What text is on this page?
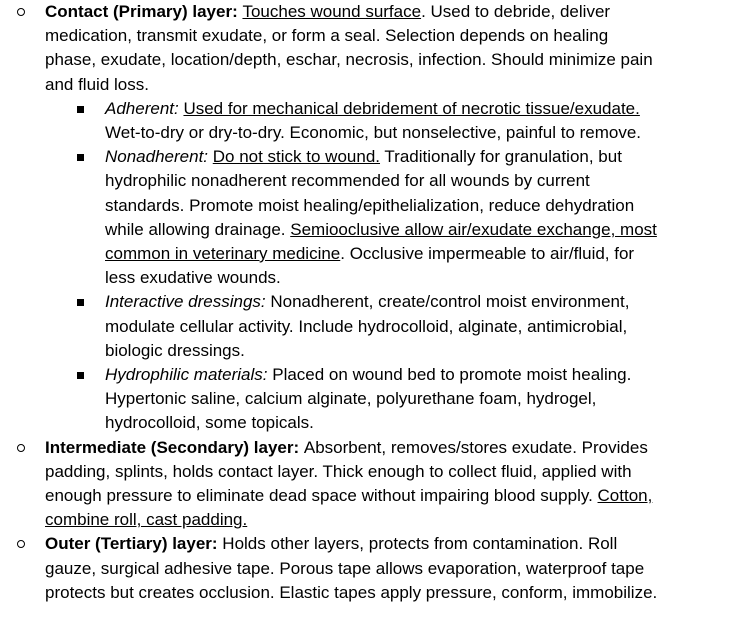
Contact (Primary) layer: Touches wound surface. Used to debride, deliver
medication, transmit exudate, or form a seal. Selection depends on healing
phase, exudate, location/depth, eschar, necrosis, infection. Should minimize pain
and fluid loss.
Adherent: Used for mechanical debridement of necrotic tissue/exudate.
Wet-to-dry or dry-to-dry. Economic, but nonselective, painful to remove.
Nonadherent: Do not stick to wound. Traditionally for granulation, but
hydrophilic nonadherent recommended for all wounds by current
standards. Promote moist healing/epithelialization, reduce dehydration
while allowing drainage. Semiooclusive allow air/exudate exchange, most
common in veterinary medicine. Occlusive impermeable to air/fluid, for
less exudative wounds.
Interactive dressings: Nonadherent, create/control moist environment,
modulate cellular activity. Include hydrocolloid, alginate, antimicrobial,
biologic dressings.
Hydrophilic materials: Placed on wound bed to promote moist healing.
Hypertonic saline, calcium alginate, polyurethane foam, hydrogel,
hydrocolloid, some topicals.
Intermediate (Secondary) layer: Absorbent, removes/stores exudate. Provides
padding, splints, holds contact layer. Thick enough to collect fluid, applied with
enough pressure to eliminate dead space without impairing blood supply. Cotton,
combine roll, cast padding.
Outer (Tertiary) layer: Holds other layers, protects from contamination. Roll
gauze, surgical adhesive tape. Porous tape allows evaporation, waterproof tape
protects but creates occlusion. Elastic tapes apply pressure, conform, immobilize.
